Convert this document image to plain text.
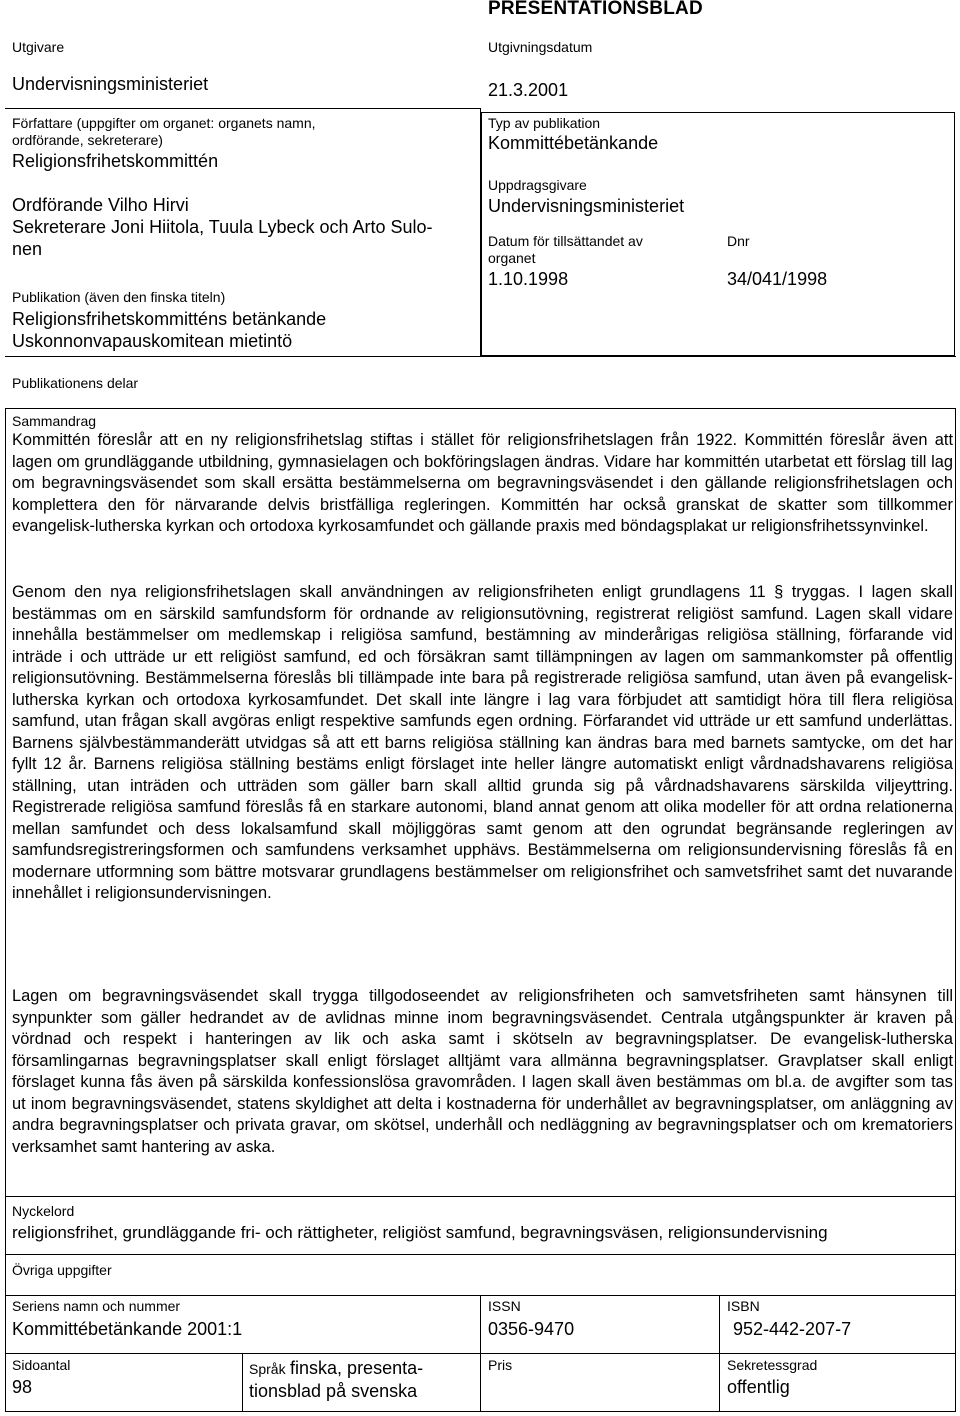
PRESENTATIONSBLAD
Utgivare
Undervisningsministeriet
Utgivningsdatum
21.3.2001
Författare (uppgifter om organet: organets namn,
ordförande, sekreterare)
Religionsfrihetskommittén
Ordförande Vilho Hirvi
Sekreterare Joni Hiitola, Tuula Lybeck och Arto Sulo-
nen
Publikation (även den finska titeln)
Religionsfrihetskommitténs betänkande
Uskonnonvapauskomitean mietintö
Typ av publikation
Kommittébetänkande
Uppdragsgivare
Undervisningsministeriet
Datum för tillsättandet av
organet
1.10.1998
Dnr
34/041/1998
Publikationens delar
Sammandrag
Kommittén föreslår att en ny religionsfrihetslag stiftas i stället för religionsfrihetslagen från 1922. Kommittén föreslår även att lagen om grundläggande utbildning, gymnasielagen och bokföringslagen ändras. Vidare har kommittén utarbetat ett förslag till lag om begravningsväsendet som skall ersätta bestämmelserna om begravningsväsendet i den gällande religionsfrihetslagen och komplettera den för närvarande delvis bristfälliga regleringen. Kommittén har också granskat de skatter som tillkommer evangelisk-lutherska kyrkan och ortodoxa kyrkosamfundet och gällande praxis med böndagsplakat ur religionsfrihetssynvinkel.
Genom den nya religionsfrihetslagen skall användningen av religionsfriheten enligt grundlagens 11 § tryggas. I lagen skall bestämmas om en särskild samfundsform för ordnande av religionsutövning, registrerat religiöst samfund. Lagen skall vidare innehålla bestämmelser om medlemskap i religiösa samfund, bestämning av minderårigas religiösa ställning, förfarande vid inträde i och utträde ur ett religiöst samfund, ed och försäkran samt tillämpningen av lagen om sammankomster på offentlig religionsutövning. Bestämmelserna föreslås bli tillämpade inte bara på registrerade religiösa samfund, utan även på evangelisk-lutherska kyrkan och ortodoxa kyrkosamfundet. Det skall inte längre i lag vara förbjudet att samtidigt höra till flera religiösa samfund, utan frågan skall avgöras enligt respektive samfunds egen ordning. Förfarandet vid utträde ur ett samfund underlättas. Barnens självbestämmanderätt utvidgas så att ett barns religiösa ställning kan ändras bara med barnets samtycke, om det har fyllt 12 år. Barnens religiösa ställning bestäms enligt förslaget inte heller längre automatiskt enligt vårdnadshavarens religiösa ställning, utan inträden och utträden som gäller barn skall alltid grunda sig på vårdnadshavarens särskilda viljeyttring. Registrerade religiösa samfund föreslås få en starkare autonomi, bland annat genom att olika modeller för att ordna relationerna mellan samfundet och dess lokalsamfund skall möjliggöras samt genom att den ogrundat begränsande regleringen av samfundsregistreringsformen och samfundens verksamhet upphävs. Bestämmelserna om religionsundervisning föreslås få en modernare utformning som bättre motsvarar grundlagens bestämmelser om religionsfrihet och samvetsfrihet samt det nuvarande innehållet i religionsundervisningen.
Lagen om begravningsväsendet skall trygga tillgodoseendet av religionsfriheten och samvetsfriheten samt hänsynen till synpunkter som gäller hedrandet av de avlidnas minne inom begravningsväsendet. Centrala utgångspunkter är kraven på vördnad och respekt i hanteringen av lik och aska samt i skötseln av begravningsplatser. De evangelisk-lutherska församlingarnas begravningsplatser skall enligt förslaget alltjämt vara allmänna begravningsplatser. Gravplatser skall enligt förslaget kunna fås även på särskilda konfessionslösa gravområden. I lagen skall även bestämmas om bl.a. de avgifter som tas ut inom begravningsväsendet, statens skyldighet att delta i kostnaderna för underhållet av begravningsplatser, om anläggning av andra begravningsplatser och privata gravar, om skötsel, underhåll och nedläggning av begravningsplatser och om krematoriers verksamhet samt hantering av aska.
Nyckelord
religionsfrihet, grundläggande fri- och rättigheter, religiöst samfund, begravningsväsen, religionsundervisning
Övriga uppgifter
Seriens namn och nummer
Kommittébetänkande 2001:1
ISSN
0356-9470
ISBN
952-442-207-7
Sidoantal
98
Språk finska, presenta-
tionsblad på svenska
Pris	Sekretessgrad
offentlig
